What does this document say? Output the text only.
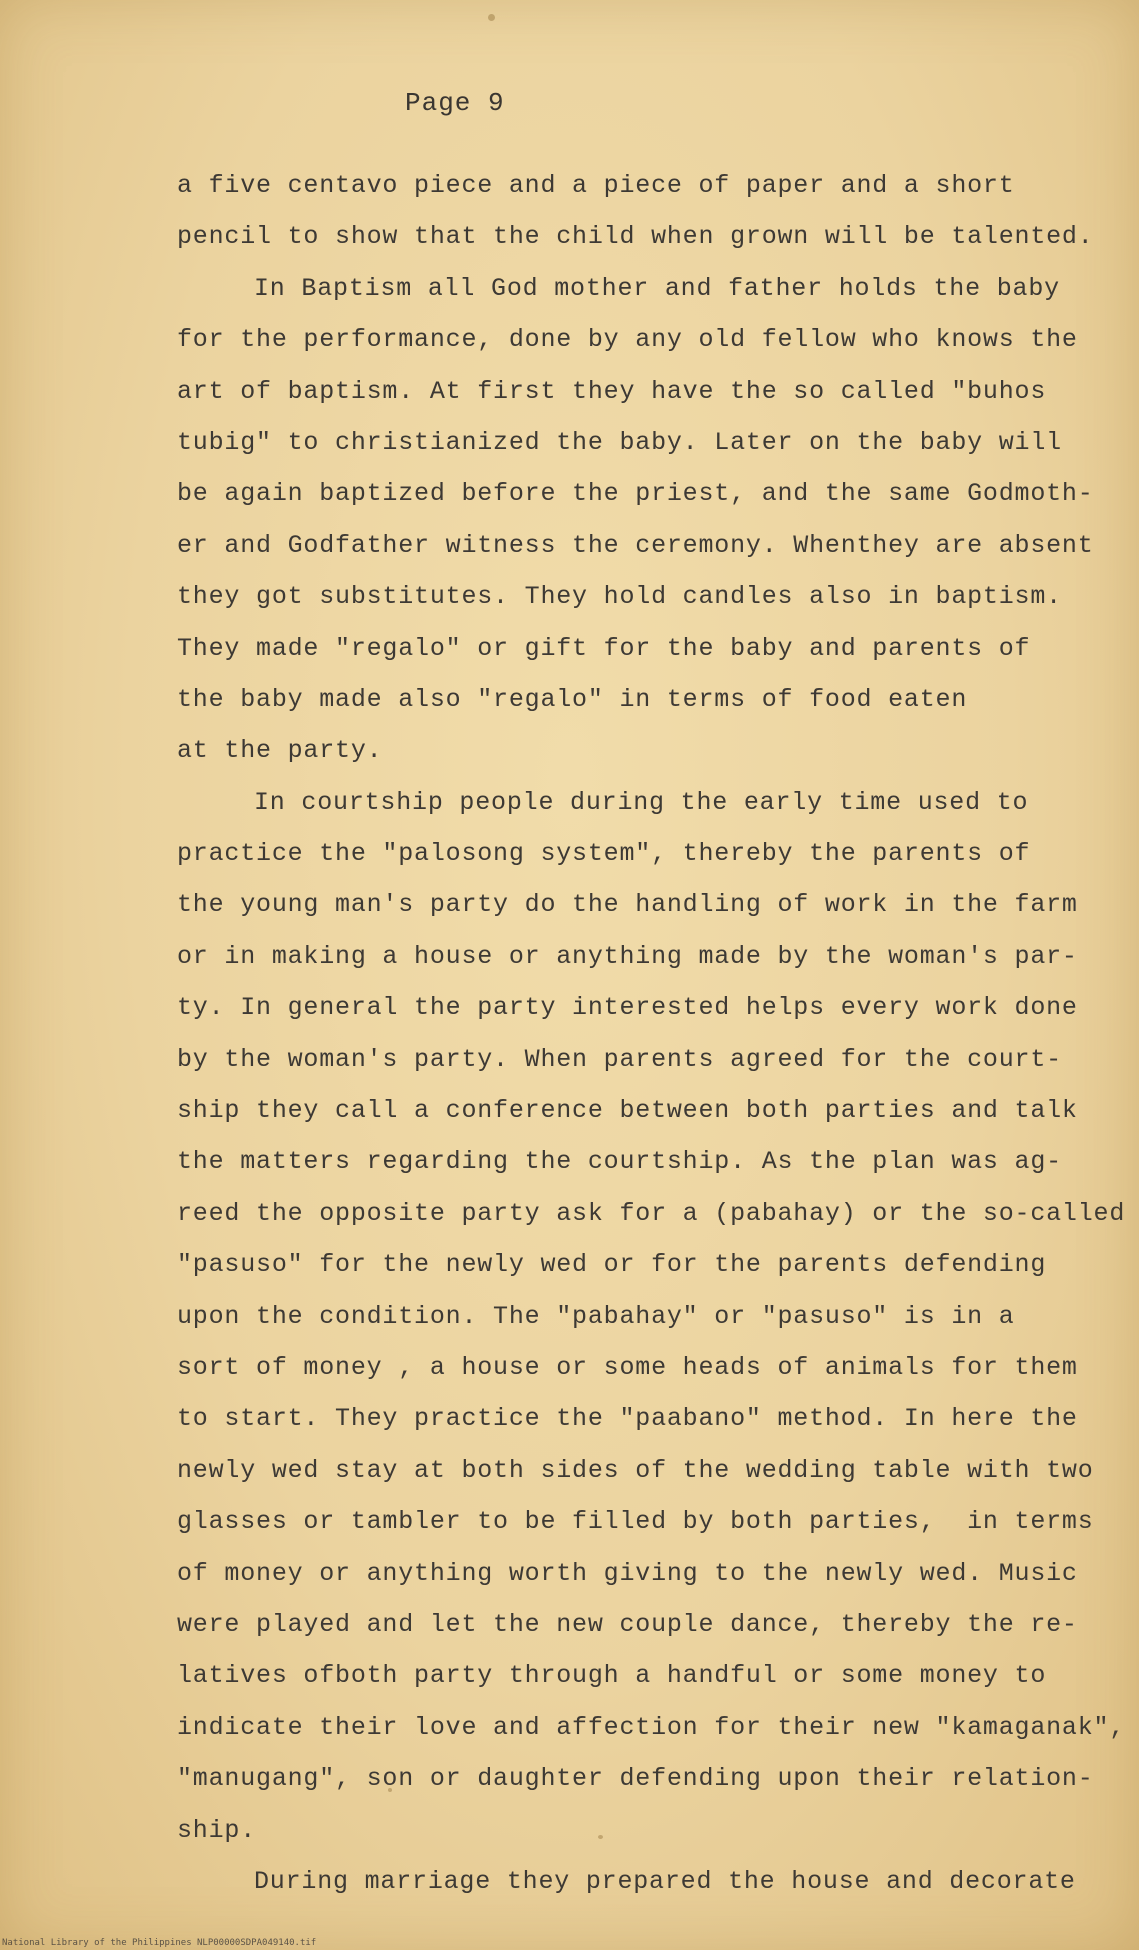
Page 9
a five centavo piece and a piece of paper and a short
pencil to show that the child when grown will be talented.
In Baptism all God mother and father holds the baby
for the performance, done by any old fellow who knows the
art of baptism. At first they have the so called "buhos
tubig" to christianized the baby. Later on the baby will
be again baptized before the priest, and the same Godmoth-
er and Godfather witness the ceremony. Whenthey are absent
they got substitutes. They hold candles also in baptism.
They made "regalo" or gift for the baby and parents of
the baby made also "regalo" in terms of food eaten
at the party.
In courtship people during the early time used to
practice the "palosong system", thereby the parents of
the young man's party do the handling of work in the farm
or in making a house or anything made by the woman's par-
ty. In general the party interested helps every work done
by the woman's party. When parents agreed for the court-
ship they call a conference between both parties and talk
the matters regarding the courtship. As the plan was ag-
reed the opposite party ask for a (pabahay) or the so-called
"pasuso" for the newly wed or for the parents defending
upon the condition. The "pabahay" or "pasuso" is in a
sort of money , a house or some heads of animals for them
to start. They practice the "paabano" method. In here the
newly wed stay at both sides of the wedding table with two
glasses or tambler to be filled by both parties,  in terms
of money or anything worth giving to the newly wed. Music
were played and let the new couple dance, thereby the re-
latives ofboth party through a handful or some money to
indicate their love and affection for their new "kamaganak",
"manugang", son or daughter defending upon their relation-
ship.
During marriage they prepared the house and decorate
National Library of the Philippines NLP00000SDPA049140.tif
